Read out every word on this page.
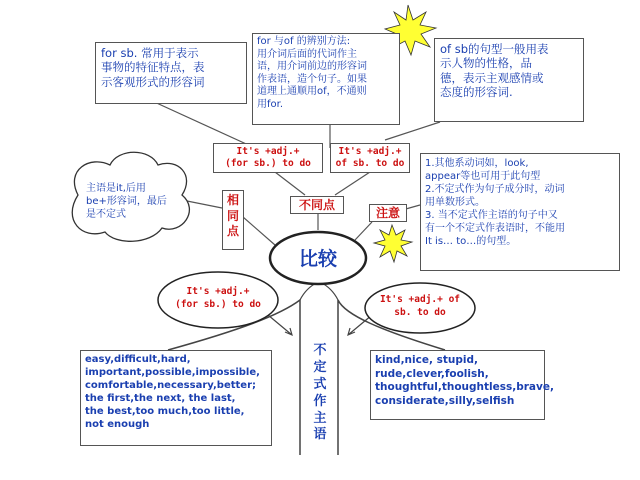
比较
for sb. 常用于表示
事物的特征特点，表
示客观形式的形容词
for 与of 的辨别方法:
用介词后面的代词作主
语，用介词前边的形容词
作表语，造个句子。如果
道理上通顺用of，不通则
用for.
of sb的句型一般用表
示人物的性格，品
德，表示主观感情或
态度的形容词.
It's +adj.+
(for sb.) to do
It's +adj.+
of sb. to do
主语是it,后用
be+形容词，最后
是不定式
相
同
点
不同点
注意
1.其他系动词如，look,
appear等也可用于此句型
2.不定式作为句子成分时，动词
用单数形式。
3. 当不定式作主语的句子中又
有一个不定式作表语时，不能用
It is… to…的句型。
It's +adj.+
(for sb.) to do	It's +adj.+ of
sb. to do
不
定
式
作
主
语
easy,difficult,hard,
important,possible,impossible,
comfortable,necessary,better;
the first,the next, the last,
the best,too much,too little,
not enough
kind,nice, stupid,
rude,clever,foolish,
thoughtful,thoughtless,brave,
considerate,silly,selfish
